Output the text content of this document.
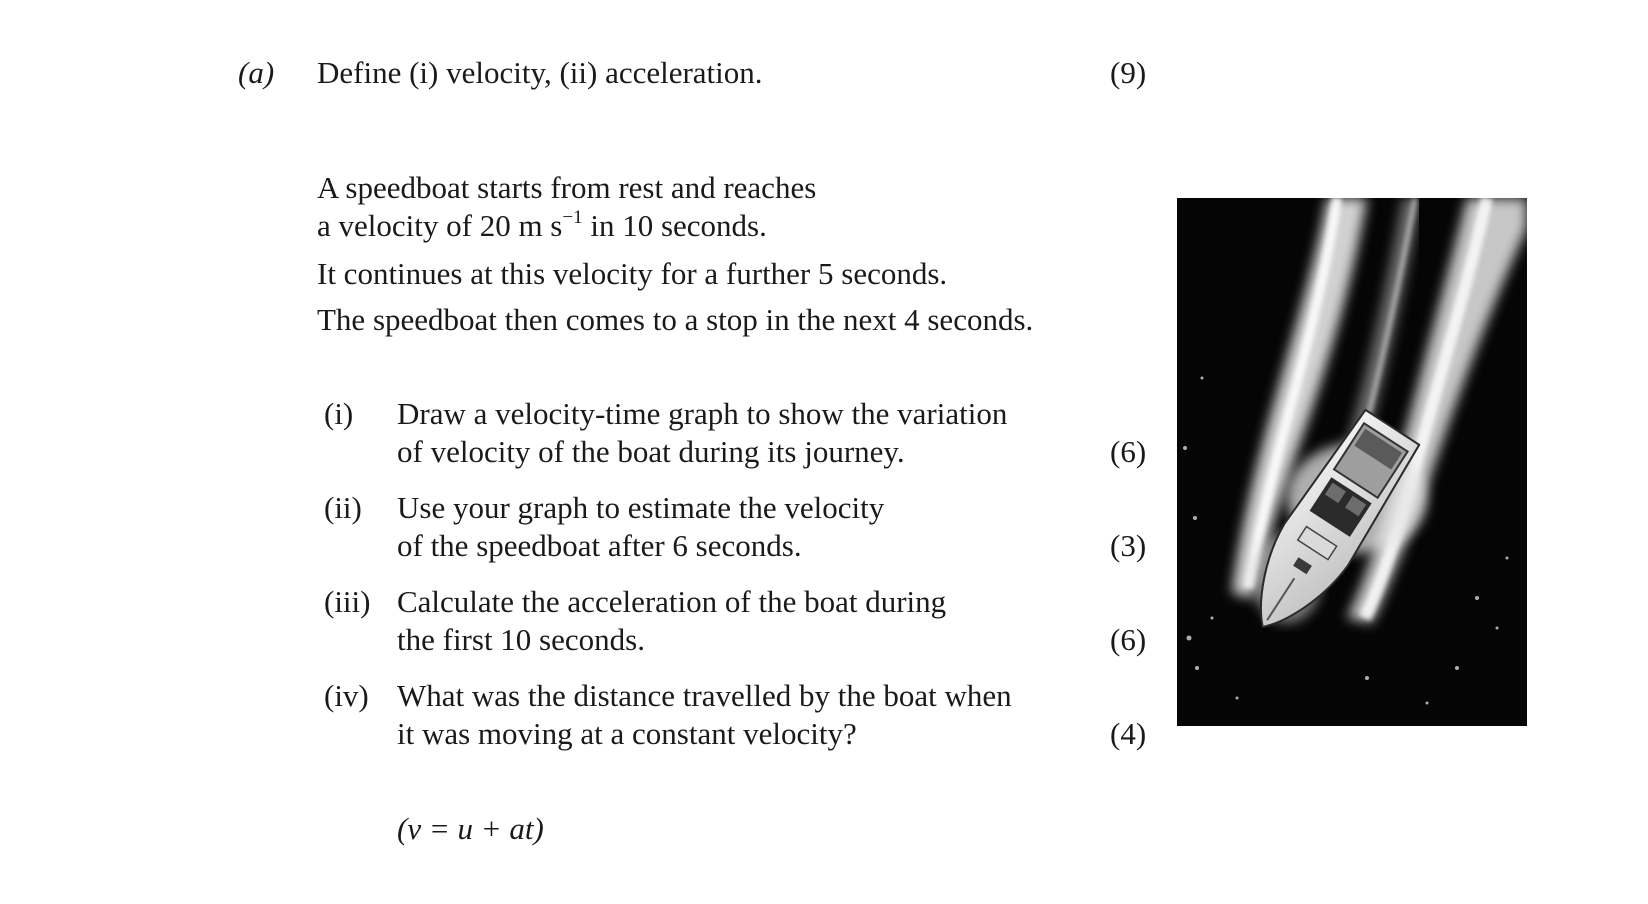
(a) Define (i) velocity, (ii) acceleration.	(9)
A speedboat starts from rest and reaches
a velocity of 20 m $s^{-1}$ in 10 seconds.
It continues at this velocity for a further 5 seconds.
The speedboat then comes to a stop in the next 4 seconds.
(i) Draw a velocity-time graph to show the variation
of velocity of the boat during its journey.	(6)
(ii) Use your graph to estimate the velocity
of the speedboat after 6 seconds.	(3)
(iii) Calculate the acceleration of the boat during
the first 10 seconds.	(6)
(iv) What was the distance travelled by the boat when
it was moving at a constant velocity?	(4)
(v = u + at)
